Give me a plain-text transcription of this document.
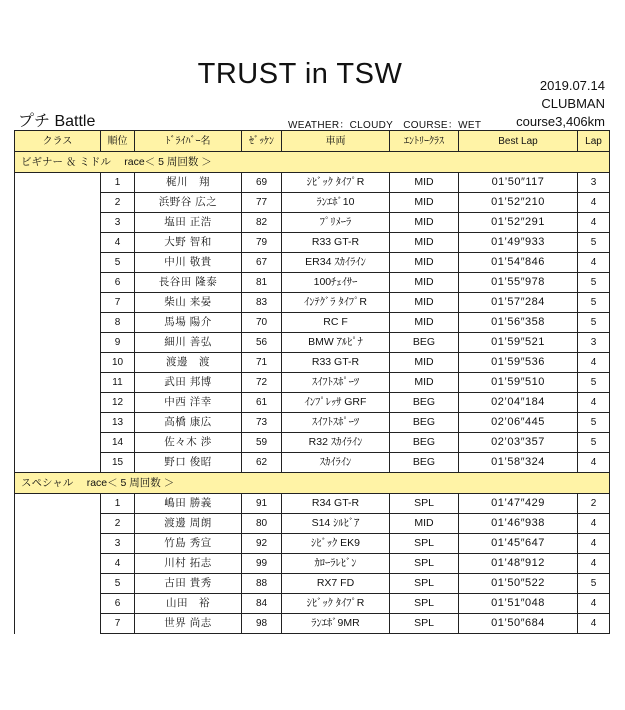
TRUST in TSW	2019.07.14
CLUBMAN
course3,406km
プチ Battle	WEATHER：CLOUDY　COURSE：WET
クラス	順位	ﾄﾞﾗｲﾊﾞｰ名	ｾﾞｯｹﾝ	車両	ｴﾝﾄﾘｰｸﾗｽ	Best Lap	Lap
ビギナー ＆ ミドル　 race＜ 5 周回数 ＞							
	1	梶川　翔	69	ｼﾋﾞｯｸ ﾀｲﾌﾟR	MID	01’50″117	3
	2	浜野谷 広之	77	ﾗﾝｴﾎﾞ10	MID	01’52″210	4
	3	塩田 正浩	82	ﾌﾟﾘﾒｰﾗ	MID	01’52″291	4
	4	大野 智和	79	R33 GT-R	MID	01’49″933	5
	5	中川 敬貴	67	ER34 ｽｶｲﾗｲﾝ	MID	01’54″846	4
	6	長谷田 隆泰	81	100ﾁｪｲｻｰ	MID	01’55″978	5
	7	柴山 来晏	83	ｲﾝﾃｸﾞﾗ ﾀｲﾌﾟR	MID	01’57″284	5
	8	馬場 陽介	70	RC F	MID	01’56″358	5
	9	細川 善弘	56	BMW ｱﾙﾋﾟﾅ	BEG	01’59″521	3
	10	渡邊　渡	71	R33 GT-R	MID	01’59″536	4
	11	武田 邦博	72	ｽｲﾌﾄｽﾎﾟｰﾂ	MID	01’59″510	5
	12	中西 洋幸	61	ｲﾝﾌﾟﾚｯｻ GRF	BEG	02’04″184	4
	13	高橋 康広	73	ｽｲﾌﾄｽﾎﾟｰﾂ	BEG	02’06″445	5
	14	佐々木 渉	59	R32 ｽｶｲﾗｲﾝ	BEG	02’03″357	5
	15	野口 俊昭	62	ｽｶｲﾗｲﾝ	BEG	01’58″324	4
スペシャル　 race＜ 5 周回数 ＞							
	1	嶋田 勝義	91	R34 GT-R	SPL	01’47″429	2
	2	渡邊 周朗	80	S14 ｼﾙﾋﾞｱ	MID	01’46″938	4
	3	竹島 秀宣	92	ｼﾋﾞｯｸ EK9	SPL	01’45″647	4
	4	川村 拓志	99	ｶﾛｰﾗﾚﾋﾞﾝ	SPL	01’48″912	4
	5	古田 貴秀	88	RX7 FD	SPL	01’50″522	5
	6	山田　裕	84	ｼﾋﾞｯｸ ﾀｲﾌﾟR	SPL	01’51″048	4
	7	世界 尚志	98	ﾗﾝｴﾎﾞ9MR	SPL	01’50″684	4
